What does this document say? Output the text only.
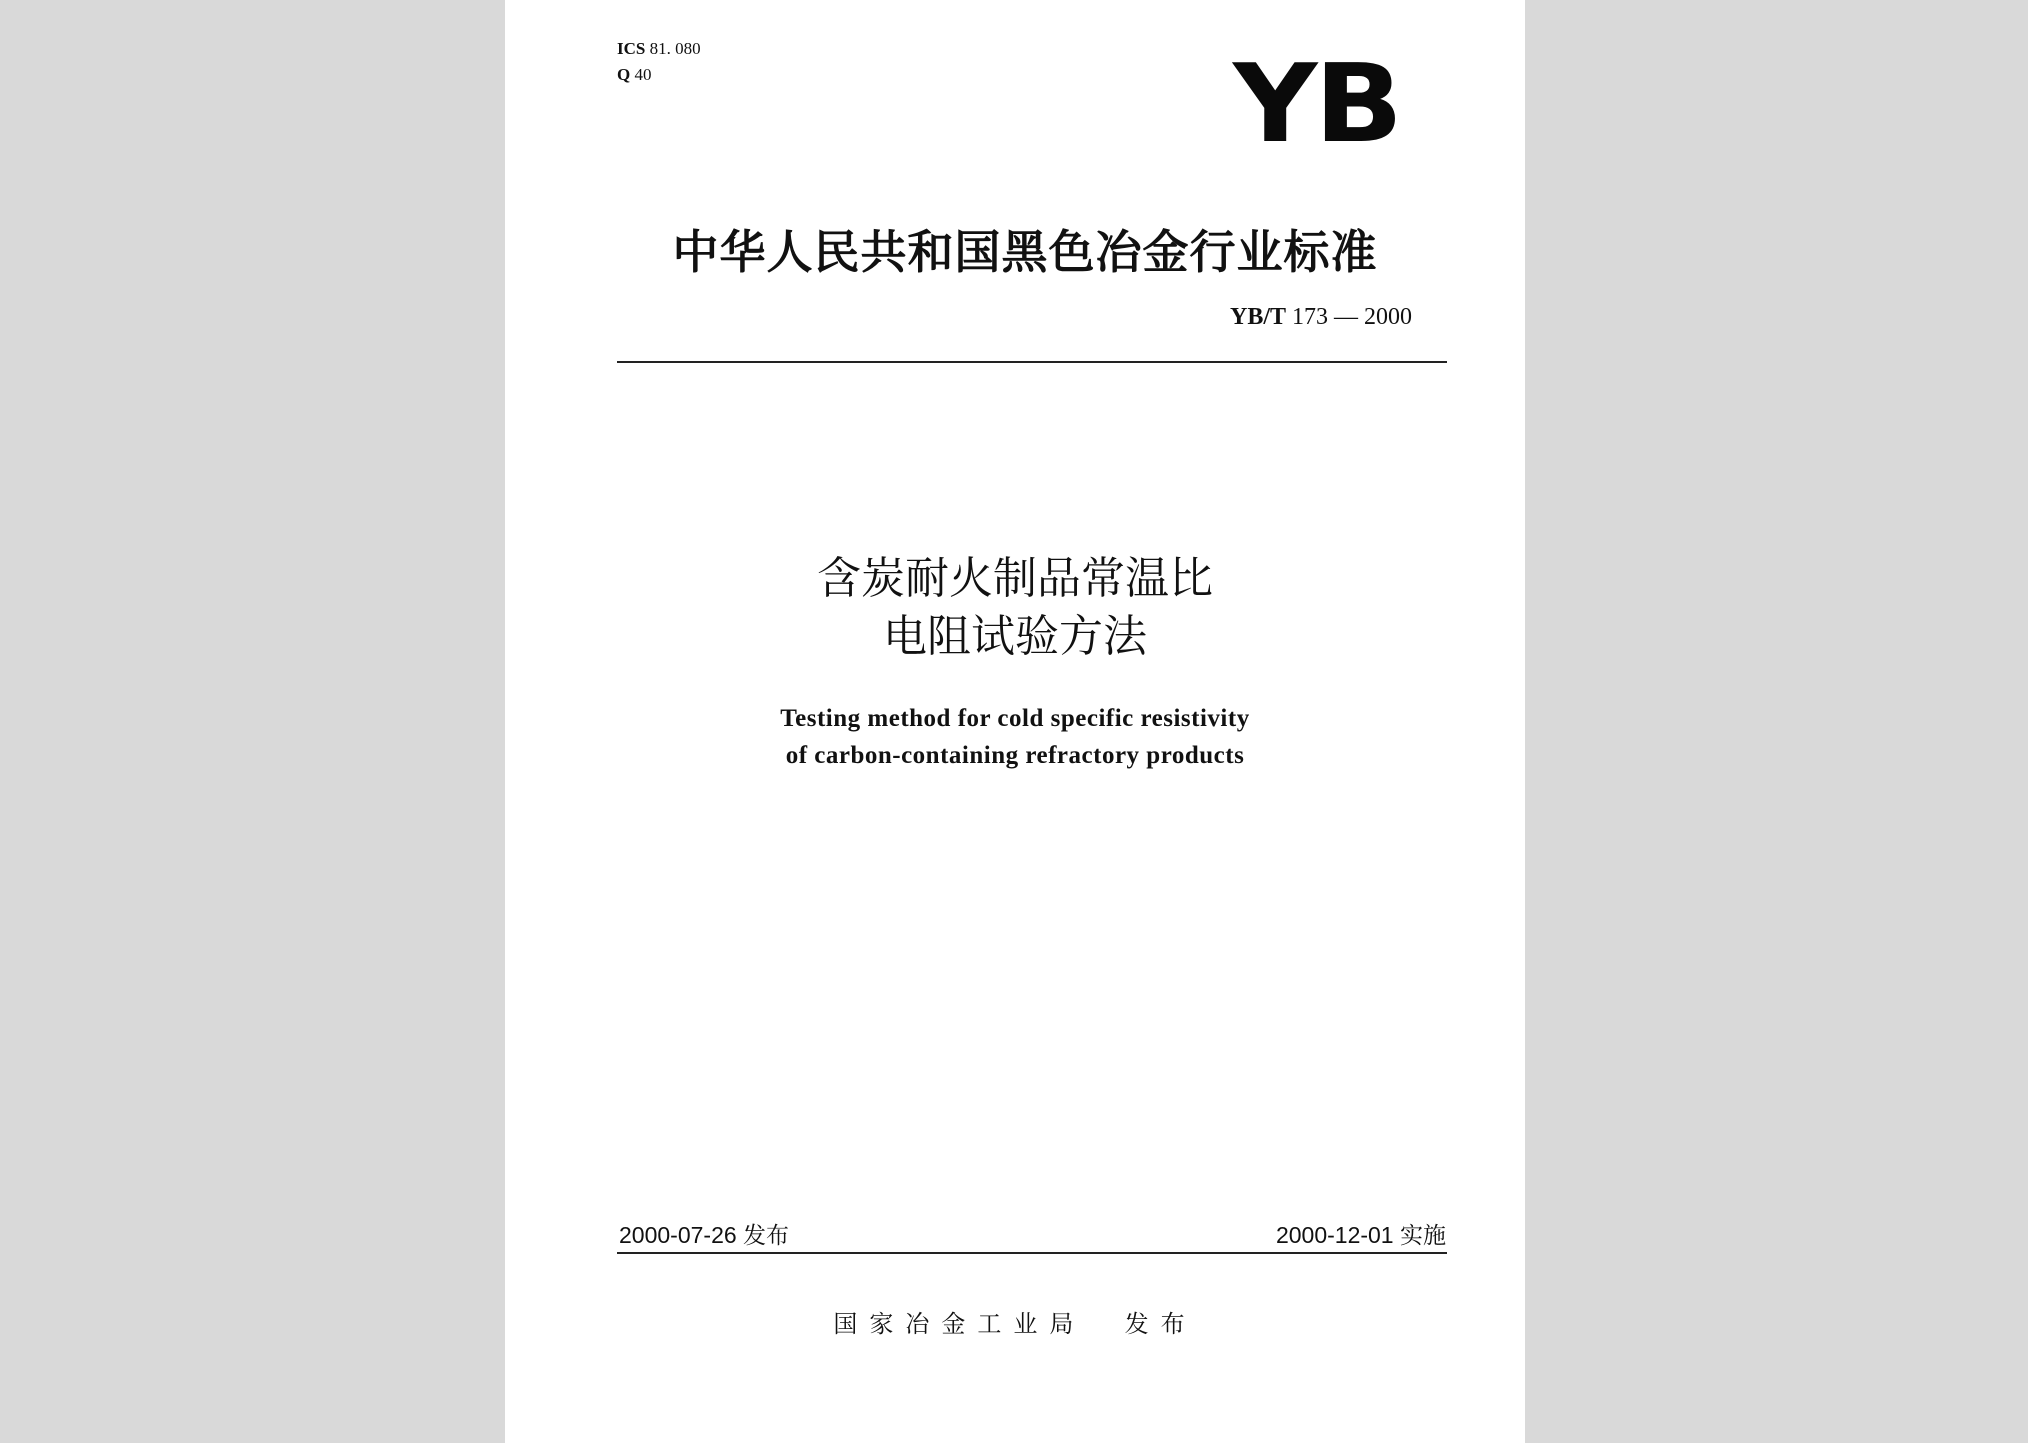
ICS 81. 080
Q 40	YB
中华人民共和国黑色冶金行业标准
YB/T 173 — 2000
含炭耐火制品常温比
电阻试验方法
Testing method for cold specific resistivity
of carbon-containing refractory products
2000-07-26 发布	2000-12-01 实施
国家冶金工业局  发布
